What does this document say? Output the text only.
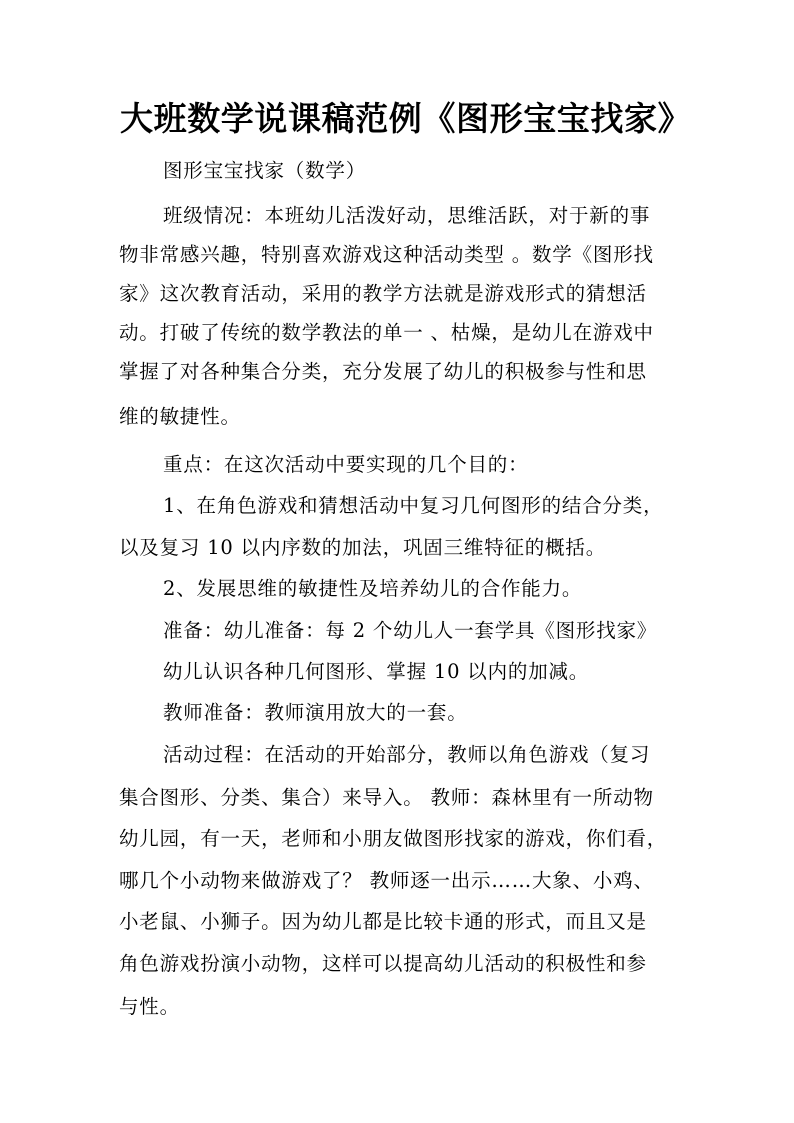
大班数学说课稿范例《图形宝宝找家》

图形宝宝找家（数学）

班级情况：本班幼儿活泼好动，思维活跃，对于新的事

物非常感兴趣，特别喜欢游戏这种活动类型 。数学《图形找

家》这次教育活动，采用的教学方法就是游戏形式的猜想活

动。打破了传统的数学教法的单一 、枯燥，是幼儿在游戏中

掌握了对各种集合分类，充分发展了幼儿的积极参与性和思

维的敏捷性。

重点：在这次活动中要实现的几个目的：

1、在角色游戏和猜想活动中复习几何图形的结合分类，

以及复习 10 以内序数的加法，巩固三维特征的概括。

2、发展思维的敏捷性及培养幼儿的合作能力。

准备：幼儿准备：每 2 个幼儿人一套学具《图形找家》

幼儿认识各种几何图形、掌握 10 以内的加减。

教师准备：教师演用放大的一套。

活动过程：在活动的开始部分，教师以角色游戏（复习

集合图形、分类、集合）来导入。 教师：森林里有一所动物

幼儿园，有一天，老师和小朋友做图形找家的游戏，你们看，

哪几个小动物来做游戏了？ 教师逐一出示……大象、小鸡、

小老鼠、小狮子。因为幼儿都是比较卡通的形式，而且又是

角色游戏扮演小动物，这样可以提高幼儿活动的积极性和参

与性。
